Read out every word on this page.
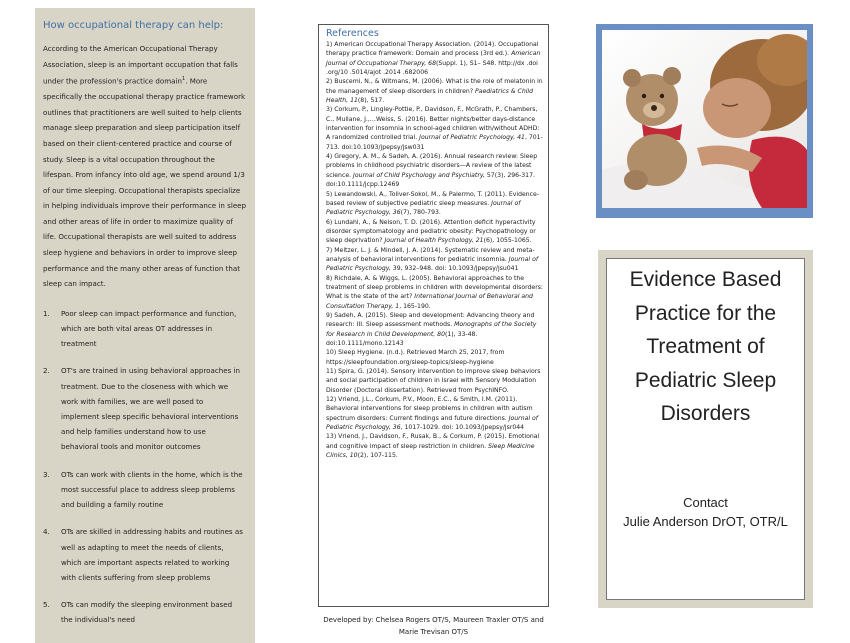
How occupational therapy can help:

According to the American Occupational Therapy Association, sleep is an important occupation that falls under the profession's practice domain$^1$. More specifically the occupational therapy practice framework outlines that practitioners are well suited to help clients manage sleep preparation and sleep participation itself based on their client-centered practice and course of study. Sleep is a vital occupation throughout the lifespan. From infancy into old age, we spend around 1/3 of our time sleeping. Occupational therapists specialize in helping individuals improve their performance in sleep and other areas of life in order to maximize quality of life. Occupational therapists are well suited to address sleep hygiene and behaviors in order to improve sleep performance and the many other areas of function that sleep can impact.

1.	Poor sleep can impact performance and function, which are both vital areas OT addresses in treatment
2.	OT's are trained in using behavioral approaches in treatment. Due to the closeness with which we work with families, we are well posed to implement sleep specific behavioral interventions and help families understand how to use behavioral tools and monitor outcomes
3.	OTs can work with clients in the home, which is the most successful place to address sleep problems and building a family routine
4.	OTs are skilled in addressing habits and routines as well as adapting to meet the needs of clients, which are important aspects related to working with clients suffering from sleep problems
5.	OTs can modify the sleeping environment based the individual's need
References

1) American Occupational Therapy Association. (2014). Occupational therapy practice framework: Domain and process (3rd ed.). American Journal of Occupational Therapy, 68(Suppl. 1), S1– S48. http://dx .doi .org/10 .5014/ajot .2014 .682006

2) Buscemi, N., & Witmans, M. (2006). What is the role of melatonin in the management of sleep disorders in children? Paediatrics & Child Health, 11(8), 517.

3) Corkum, P., Lingley-Pottie, P., Davidson, F., McGrath, P., Chambers, C., Mullane, J.,…Weiss, S. (2016). Better nights/better days-distance intervention for insomnia in school-aged children with/without ADHD: A randomized controlled trial. Journal of Pediatric Psychology, 41, 701-713. doi:10.1093/jpepsy/jsw031

4) Gregory, A. M., & Sadeh, A. (2016). Annual research review: Sleep problems in childhood psychiatric disorders—A review of the latest science. Journal of Child Psychology and Psychiatry, 57(3), 296-317. doi:10.1111/jcpp.12469

5) Lewandowski, A., Toliver-Sokol, M., & Palermo, T. (2011). Evidence-based review of subjective pediatric sleep measures. Journal of Pediatric Psychology, 36(7), 780-793.

6) Lundahl, A., & Nelson, T. D. (2016). Attention deficit hyperactivity disorder symptomatology and pediatric obesity: Psychopathology or sleep deprivation? Journal of Health Psychology, 21(6), 1055-1065.

7) Meltzer, L. J. & Mindell, J. A. (2014). Systematic review and meta-analysis of behavioral interventions for pediatric insomnia. Journal of Pediatric Psychology, 39, 932–948. doi: 10.1093/jpepsy/jsu041

8) Richdale, A. & Wiggs, L. (2005). Behavioral approaches to the treatment of sleep problems in children with developmental disorders: What is the state of the art? International Journal of Behavioral and Consultation Therapy, 1, 165-190.

9) Sadeh, A. (2015). Sleep and development: Advancing theory and research: III. Sleep assessment methods. Monographs of the Society for Research in Child Development, 80(1), 33-48. doi:10.1111/mono.12143

10) Sleep Hygiene. (n.d.). Retrieved March 25, 2017, from https://sleepfoundation.org/sleep-topics/sleep-hygiene

11) Spira, G. (2014). Sensory intervention to improve sleep behaviors and social participation of children in Israel with Sensory Modulation Disorder (Doctoral dissertation). Retrieved from PsychINFO.

12) Vriend, J.L., Corkum, P.V., Moon, E.C., & Smith, I.M. (2011). Behavioral interventions for sleep problems in children with autism spectrum disorders: Current findings and future directions. Journal of Pediatric Psychology, 36, 1017-1029. doi: 10.1093/jpepsy/jsr044

13) Vriend, J., Davidson, F., Rusak, B., & Corkum, P. (2015). Emotional and cognitive impact of sleep restriction in children. Sleep Medicine Clinics, 10(2), 107-115.

Developed by: Chelsea Rogers OT/S, Maureen Traxler OT/S and Marie Trevisan OT/S
Evidence Based Practice for the Treatment of Pediatric Sleep Disorders
Contact
Julie Anderson DrOT, OTR/L
